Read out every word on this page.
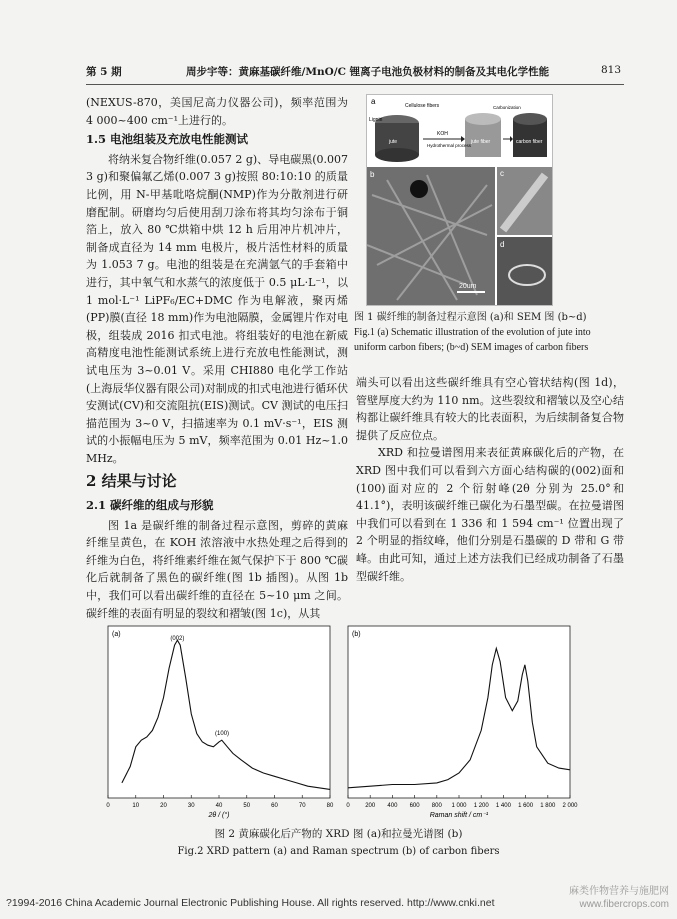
第 5 期	周步宇等：黄麻基碳纤维/MnO/C 锂离子电池负极材料的制备及其电化学性能	813

(NEXUS-870，美国尼高力仪器公司)，频率范围为 4 000~400 cm⁻¹上进行的。

1.5 电池组装及充放电性能测试

将纳米复合物纤维(0.057 2 g)、导电碳黑(0.007 3 g)和聚偏氟乙烯(0.007 3 g)按照 80:10:10 的质量比例，用 N-甲基吡咯烷酮(NMP)作为分散剂进行研磨配制。研磨均匀后使用刮刀涂布将其均匀涂布于铜箔上，放入 80 ℃烘箱中烘 12 h 后用冲片机冲片，制备成直径为 14 mm 电极片，极片活性材料的质量为 1.053 7 g。电池的组装是在充满氩气的手套箱中进行，其中氧气和水蒸气的浓度低于 0.5 μL·L⁻¹，以 1 mol·L⁻¹ LiPF₆/EC+DMC 作为电解液，聚丙烯(PP)膜(直径 18 mm)作为电池隔膜，金属锂片作对电极，组装成 2016 扣式电池。将组装好的电池在新威高精度电池性能测试系统上进行充放电性能测试，测试电压为 3~0.01 V。采用 CHI880 电化学工作站(上海辰华仪器有限公司)对制成的扣式电池进行循环伏安测试(CV)和交流阻抗(EIS)测试。CV 测试的电压扫描范围为 3~0 V，扫描速率为 0.1 mV·s⁻¹，EIS 测试的小振幅电压为 5 mV，频率范围为 0.01 Hz~1.0 MHz。

2 结果与讨论
2.1 碳纤维的组成与形貌

图 1a 是碳纤维的制备过程示意图，剪碎的黄麻纤维呈黄色，在 KOH 浓溶液中水热处理之后得到的纤维为白色，将纤维素纤维在氮气保护下于 800 ℃碳化后就制备了黑色的碳纤维(图 1b 插图)。从图 1b 中，我们可以看出碳纤维的直径在 5~10 μm 之间。碳纤维的表面有明显的裂纹和褶皱(图 1c)，从其

a	Cellulose fibers
Lignin
KOH
Hydrothermal process
Carbonization
jute	jute fiber	carbon fiber
b	c
d
20um
图 1 碳纤维的制备过程示意图 (a)和 SEM 图 (b~d)
Fig.1 (a) Schematic illustration of the evolution of jute into uniform carbon fibers; (b~d) SEM images of carbon fibers

端头可以看出这些碳纤维具有空心管状结构(图 1d)，管壁厚度大约为 110 nm。这些裂纹和褶皱以及空心结构都让碳纤维具有较大的比表面积，为后续制备复合物提供了反应位点。

XRD 和拉曼谱图用来表征黄麻碳化后的产物，在 XRD 图中我们可以看到六方面心结构碳的(002)面和(100)面对应的 2 个衍射峰(2θ 分别为 25.0°和 41.1°)，表明该碳纤维已碳化为石墨型碳。在拉曼谱图中我们可以看到在 1 336 和 1 594 cm⁻¹ 位置出现了 2 个明显的指纹峰，他们分别是石墨碳的 D 带和 G 带峰。由此可知，通过上述方法我们已经成功制备了石墨型碳纤维。

0	10	20	30	40	50	60	70	80
(a)
2θ / (°)
(002)
(100)
0	200 400 600 800 1 000 1 200 1 400 1 600 1 800 2 000
(b)
Raman shift / cm⁻¹
图 2 黄麻碳化后产物的 XRD 图 (a)和拉曼光谱图 (b)
Fig.2 XRD pattern (a) and Raman spectrum (b) of carbon fibers
?1994-2016 China Academic Journal Electronic Publishing House. All rights reserved. http://www.cnki.net
麻类作物营养与施肥网
www.fibercrops.com
